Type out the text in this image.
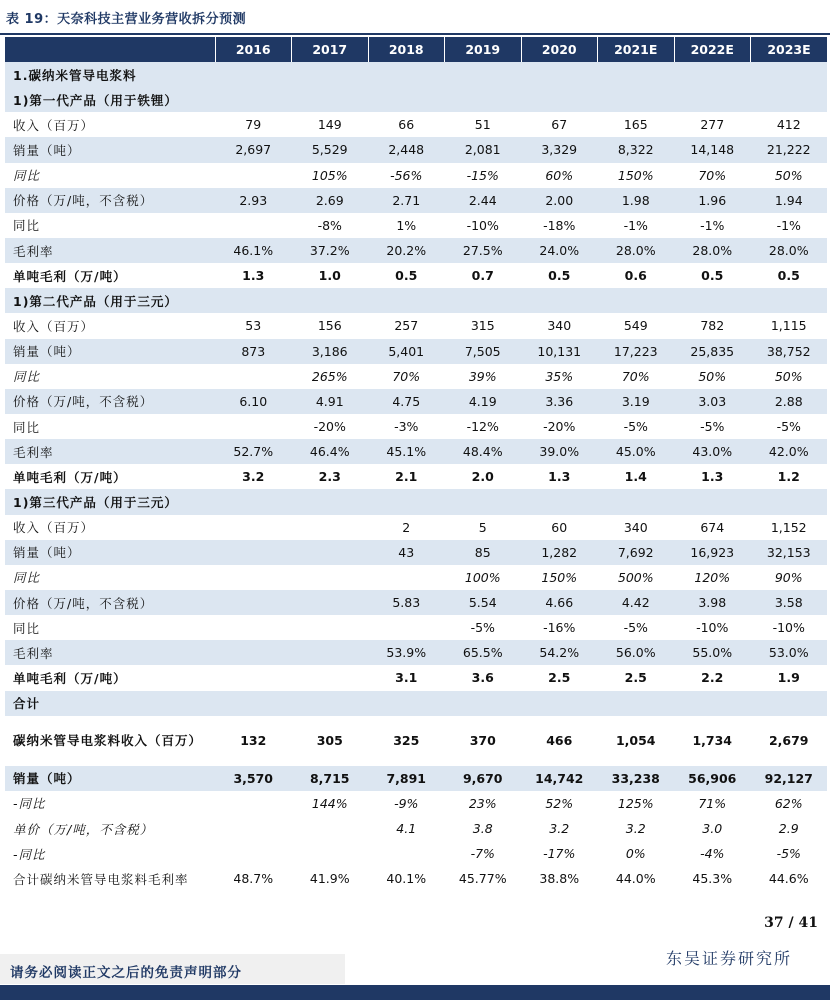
表 19：天奈科技主营业务营收拆分预测
	2016	2017	2018	2019	2020	2021E	2022E	2023E
1.碳纳米管导电浆料								
1)第一代产品（用于铁锂）								
收入（百万）	79	149	66	51	67	165	277	412
销量（吨）	2,697	5,529	2,448	2,081	3,329	8,322	14,148	21,222
同比		105%	-56%	-15%	60%	150%	70%	50%
价格（万/吨，不含税）	2.93	2.69	2.71	2.44	2.00	1.98	1.96	1.94
同比		-8%	1%	-10%	-18%	-1%	-1%	-1%
毛利率	46.1%	37.2%	20.2%	27.5%	24.0%	28.0%	28.0%	28.0%
单吨毛利（万/吨）	1.3	1.0	0.5	0.7	0.5	0.6	0.5	0.5
1)第二代产品（用于三元）								
收入（百万）	53	156	257	315	340	549	782	1,115
销量（吨）	873	3,186	5,401	7,505	10,131	17,223	25,835	38,752
同比		265%	70%	39%	35%	70%	50%	50%
价格（万/吨，不含税）	6.10	4.91	4.75	4.19	3.36	3.19	3.03	2.88
同比		-20%	-3%	-12%	-20%	-5%	-5%	-5%
毛利率	52.7%	46.4%	45.1%	48.4%	39.0%	45.0%	43.0%	42.0%
单吨毛利（万/吨）	3.2	2.3	2.1	2.0	1.3	1.4	1.3	1.2
1)第三代产品（用于三元）								
收入（百万）			2	5	60	340	674	1,152
销量（吨）			43	85	1,282	7,692	16,923	32,153
同比				100%	150%	500%	120%	90%
价格（万/吨，不含税）			5.83	5.54	4.66	4.42	3.98	3.58
同比				-5%	-16%	-5%	-10%	-10%
毛利率			53.9%	65.5%	54.2%	56.0%	55.0%	53.0%
单吨毛利（万/吨）			3.1	3.6	2.5	2.5	2.2	1.9
合计								
碳纳米管导电浆料收入（百万）	132	305	325	370	466	1,054	1,734	2,679
销量（吨）	3,570	8,715	7,891	9,670	14,742	33,238	56,906	92,127
-同比		144%	-9%	23%	52%	125%	71%	62%
单价（万/吨，不含税）			4.1	3.8	3.2	3.2	3.0	2.9
-同比				-7%	-17%	0%	-4%	-5%
合计碳纳米管导电浆料毛利率	48.7%	41.9%	40.1%	45.77%	38.8%	44.0%	45.3%	44.6%
37 / 41
东吴证券研究所
请务必阅读正文之后的免责声明部分
